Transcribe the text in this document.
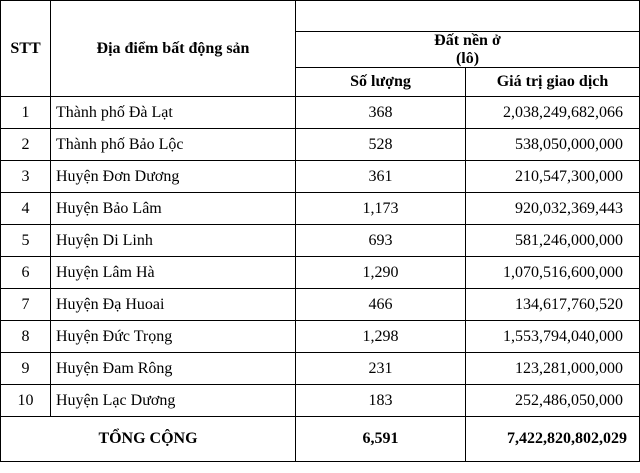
STT	Địa điểm bất động sản		

		Đất nền ở
(lô)	

		Số lượng	Giá trị giao dịch
1	Thành phố Đà Lạt	368	2,038,249,682,066
2	Thành phố Bảo Lộc	528	538,050,000,000
3	Huyện Đơn Dương	361	210,547,300,000
4	Huyện Bảo Lâm	1,173	920,032,369,443
5	Huyện Di Linh	693	581,246,000,000
6	Huyện Lâm Hà	1,290	1,070,516,600,000
7	Huyện Đạ Huoai	466	134,617,760,520
8	Huyện Đức Trọng	1,298	1,553,794,040,000
9	Huyện Đam Rông	231	123,281,000,000
10	Huyện Lạc Dương	183	252,486,050,000
TỔNG CỘNG		6,591	7,422,820,802,029
